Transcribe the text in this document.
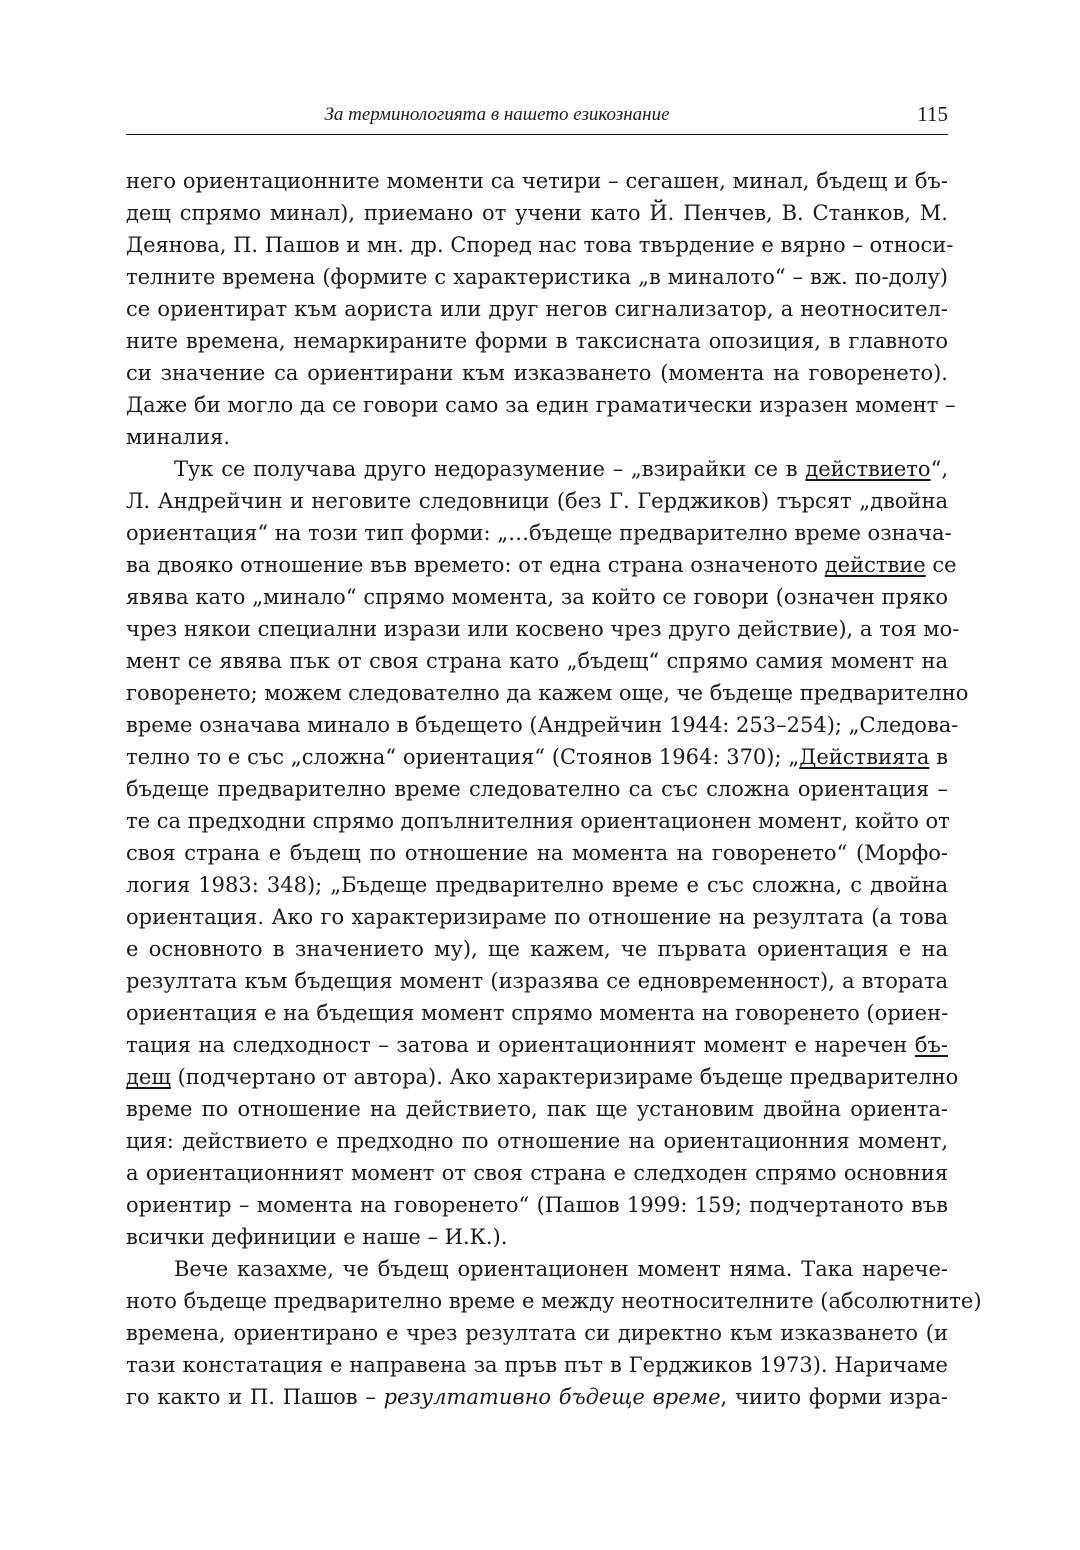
За терминологията в нашето езикознание	115
него ориентационните моменти са четири – сегашен, минал, бъдещ и бъ-
дещ спрямо минал), приемано от учени като Й. Пенчев, В. Станков, М.
Деянова, П. Пашов и мн. др. Според нас това твърдение е вярно – относи-
телните времена (формите с характеристика „в миналото“ – вж. по-долу)
се ориентират към аориста или друг негов сигнализатор, а неотносител-
ните времена, немаркираните форми в таксисната опозиция, в главното
си значение са ориентирани към изказването (момента на говоренето).
Даже би могло да се говори само за един граматически изразен момент –
миналия.
Тук се получава друго недоразумение – „взирайки се в действието“,
Л. Андрейчин и неговите следовници (без Г. Герджиков) търсят „двойна
ориентация“ на този тип форми: „…бъдеще предварително време означа-
ва двояко отношение във времето: от една страна означеното действие се
явява като „минало“ спрямо момента, за който се говори (означен пряко
чрез някои специални изрази или косвено чрез друго действие), а тоя мо-
мент се явява пък от своя страна като „бъдещ“ спрямо самия момент на
говоренето; можем следователно да кажем още, че бъдеще предварително
време означава минало в бъдещето (Андрейчин 1944: 253–254); „Следова-
телно то е със „сложна“ ориентация“ (Стоянов 1964: 370); „Действията в
бъдеще предварително време следователно са със сложна ориентация –
те са предходни спрямо допълнителния ориентационен момент, който от
своя страна е бъдещ по отношение на момента на говоренето“ (Морфо-
логия 1983: 348); „Бъдеще предварително време е със сложна, с двойна
ориентация. Ако го характеризираме по отношение на резултата (а това
е основното в значението му), ще кажем, че първата ориентация е на
резултата към бъдещия момент (изразява се едновременност), а втората
ориентация е на бъдещия момент спрямо момента на говоренето (ориен-
тация на следходност – затова и ориентационният момент е наречен бъ-
дещ (подчертано от автора). Ако характеризираме бъдеще предварително
време по отношение на действието, пак ще установим двойна ориента-
ция: действието е предходно по отношение на ориентационния момент,
а ориентационният момент от своя страна е следходен спрямо основния
ориентир – момента на говоренето“ (Пашов 1999: 159; подчертаното във
всички дефиниции е наше – И.К.).
Вече казахме, че бъдещ ориентационен момент няма. Така нарече-
ното бъдеще предварително време е между неотносителните (абсолютните)
времена, ориентирано е чрез резултата си директно към изказването (и
тази констатация е направена за пръв път в Герджиков 1973). Наричаме
го както и П. Пашов – резултативно бъдеще време, чиито форми изра-
